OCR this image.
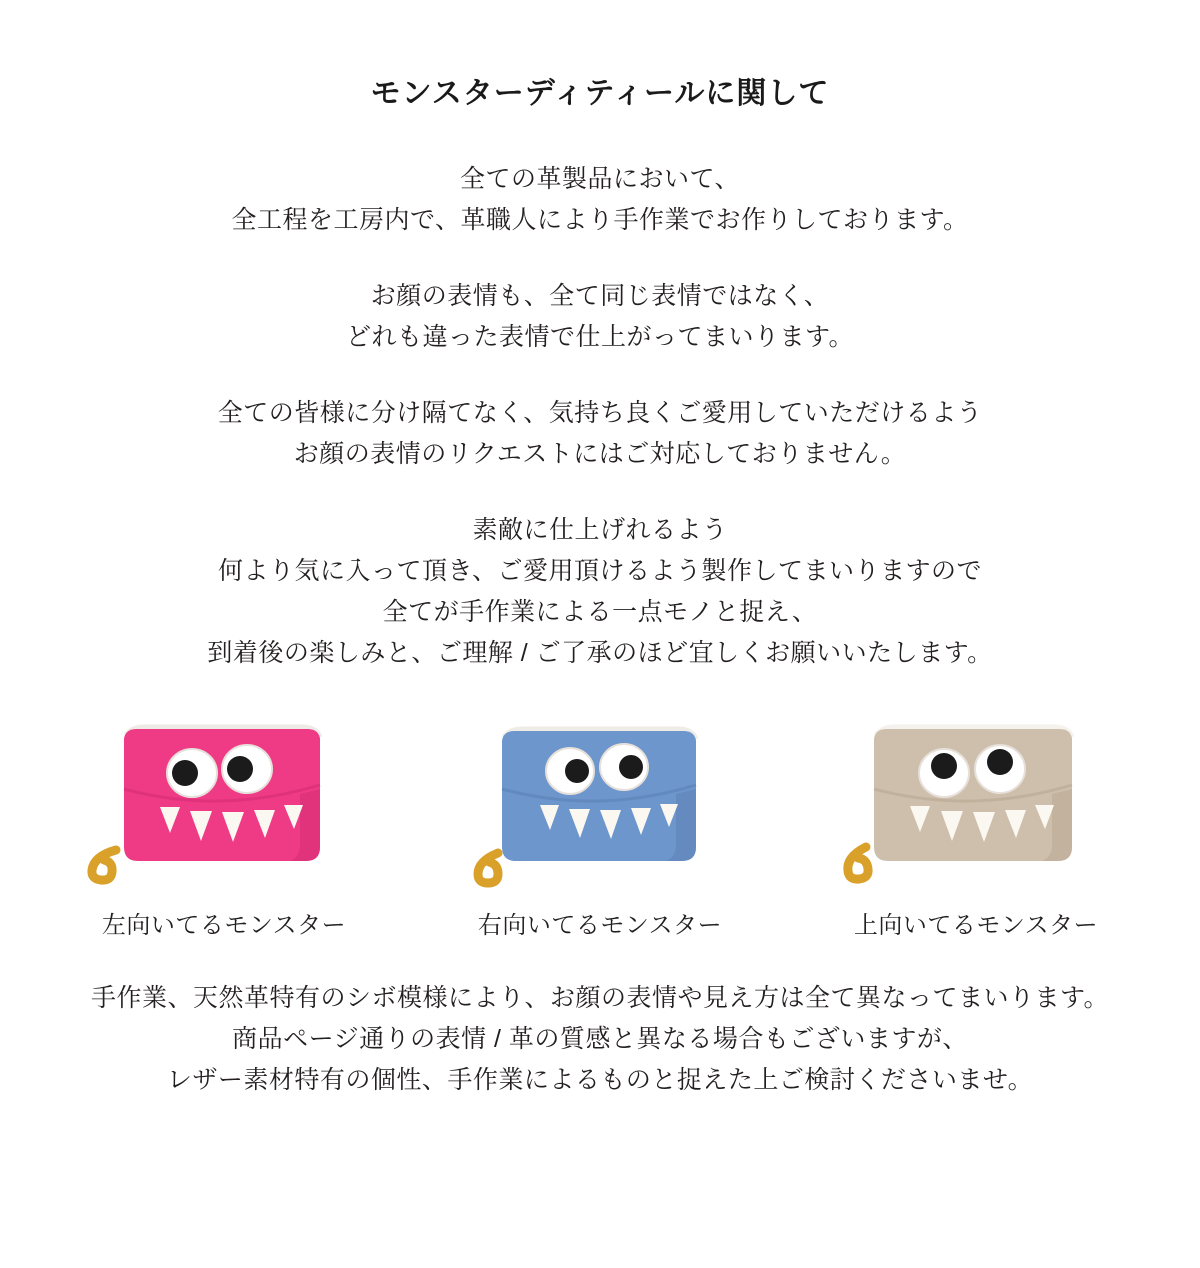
モンスターディティールに関して
全ての革製品において、
全工程を工房内で、革職人により手作業でお作りしております。
お顔の表情も、全て同じ表情ではなく、
どれも違った表情で仕上がってまいります。
全ての皆様に分け隔てなく、気持ち良くご愛用していただけるよう
お顔の表情のリクエストにはご対応しておりません。
素敵に仕上げれるよう
何より気に入って頂き、ご愛用頂けるよう製作してまいりますので
全てが手作業による一点モノと捉え、
到着後の楽しみと、ご理解 / ご了承のほど宜しくお願いいたします。
左向いてるモンスター	右向いてるモンスター	上向いてるモンスター
手作業、天然革特有のシボ模様により、お顔の表情や見え方は全て異なってまいります。
商品ページ通りの表情 / 革の質感と異なる場合もございますが、
レザー素材特有の個性、手作業によるものと捉えた上ご検討くださいませ。
